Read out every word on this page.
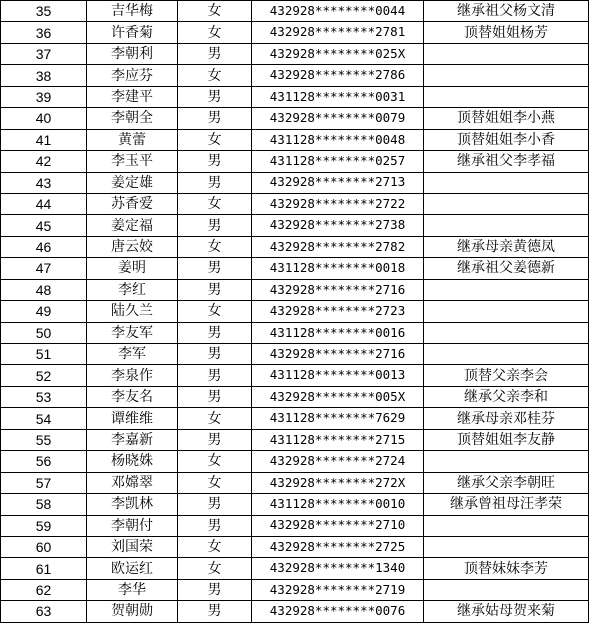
35	吉华梅	女	432928********0044	继承祖父杨文清
36	许香菊	女	432928********2781	顶替姐姐杨芳
37	李朝利	男	432928********025X	
38	李应芬	女	432928********2786	
39	李建平	男	431128********0031	
40	李朝全	男	432928********0079	顶替姐姐李小燕
41	黄蕾	女	431128********0048	顶替姐姐李小香
42	李玉平	男	431128********0257	继承祖父李孝福
43	姜定雄	男	432928********2713	
44	苏香爱	女	432928********2722	
45	姜定福	男	432928********2738	
46	唐云姣	女	432928********2782	继承母亲黄德凤
47	姜明	男	431128********0018	继承祖父姜德新
48	李红	男	432928********2716	
49	陆久兰	女	432928********2723	
50	李友军	男	431128********0016	
51	李军	男	432928********2716	
52	李泉作	男	431128********0013	顶替父亲李会
53	李友名	男	432928********005X	继承父亲李和
54	谭维维	女	431128********7629	继承母亲邓桂芬
55	李嘉新	男	431128********2715	顶替姐姐李友静
56	杨晓姝	女	432928********2724	
57	邓嫦翠	女	432928********272X	继承父亲李朝旺
58	李凯林	男	431128********0010	继承曾祖母汪孝荣
59	李朝付	男	432928********2710	
60	刘国荣	女	432928********2725	
61	欧运红	女	432928********1340	顶替妹妹李芳
62	李华	男	432928********2719	
63	贺朝勋	男	432928********0076	继承姑母贺来菊
